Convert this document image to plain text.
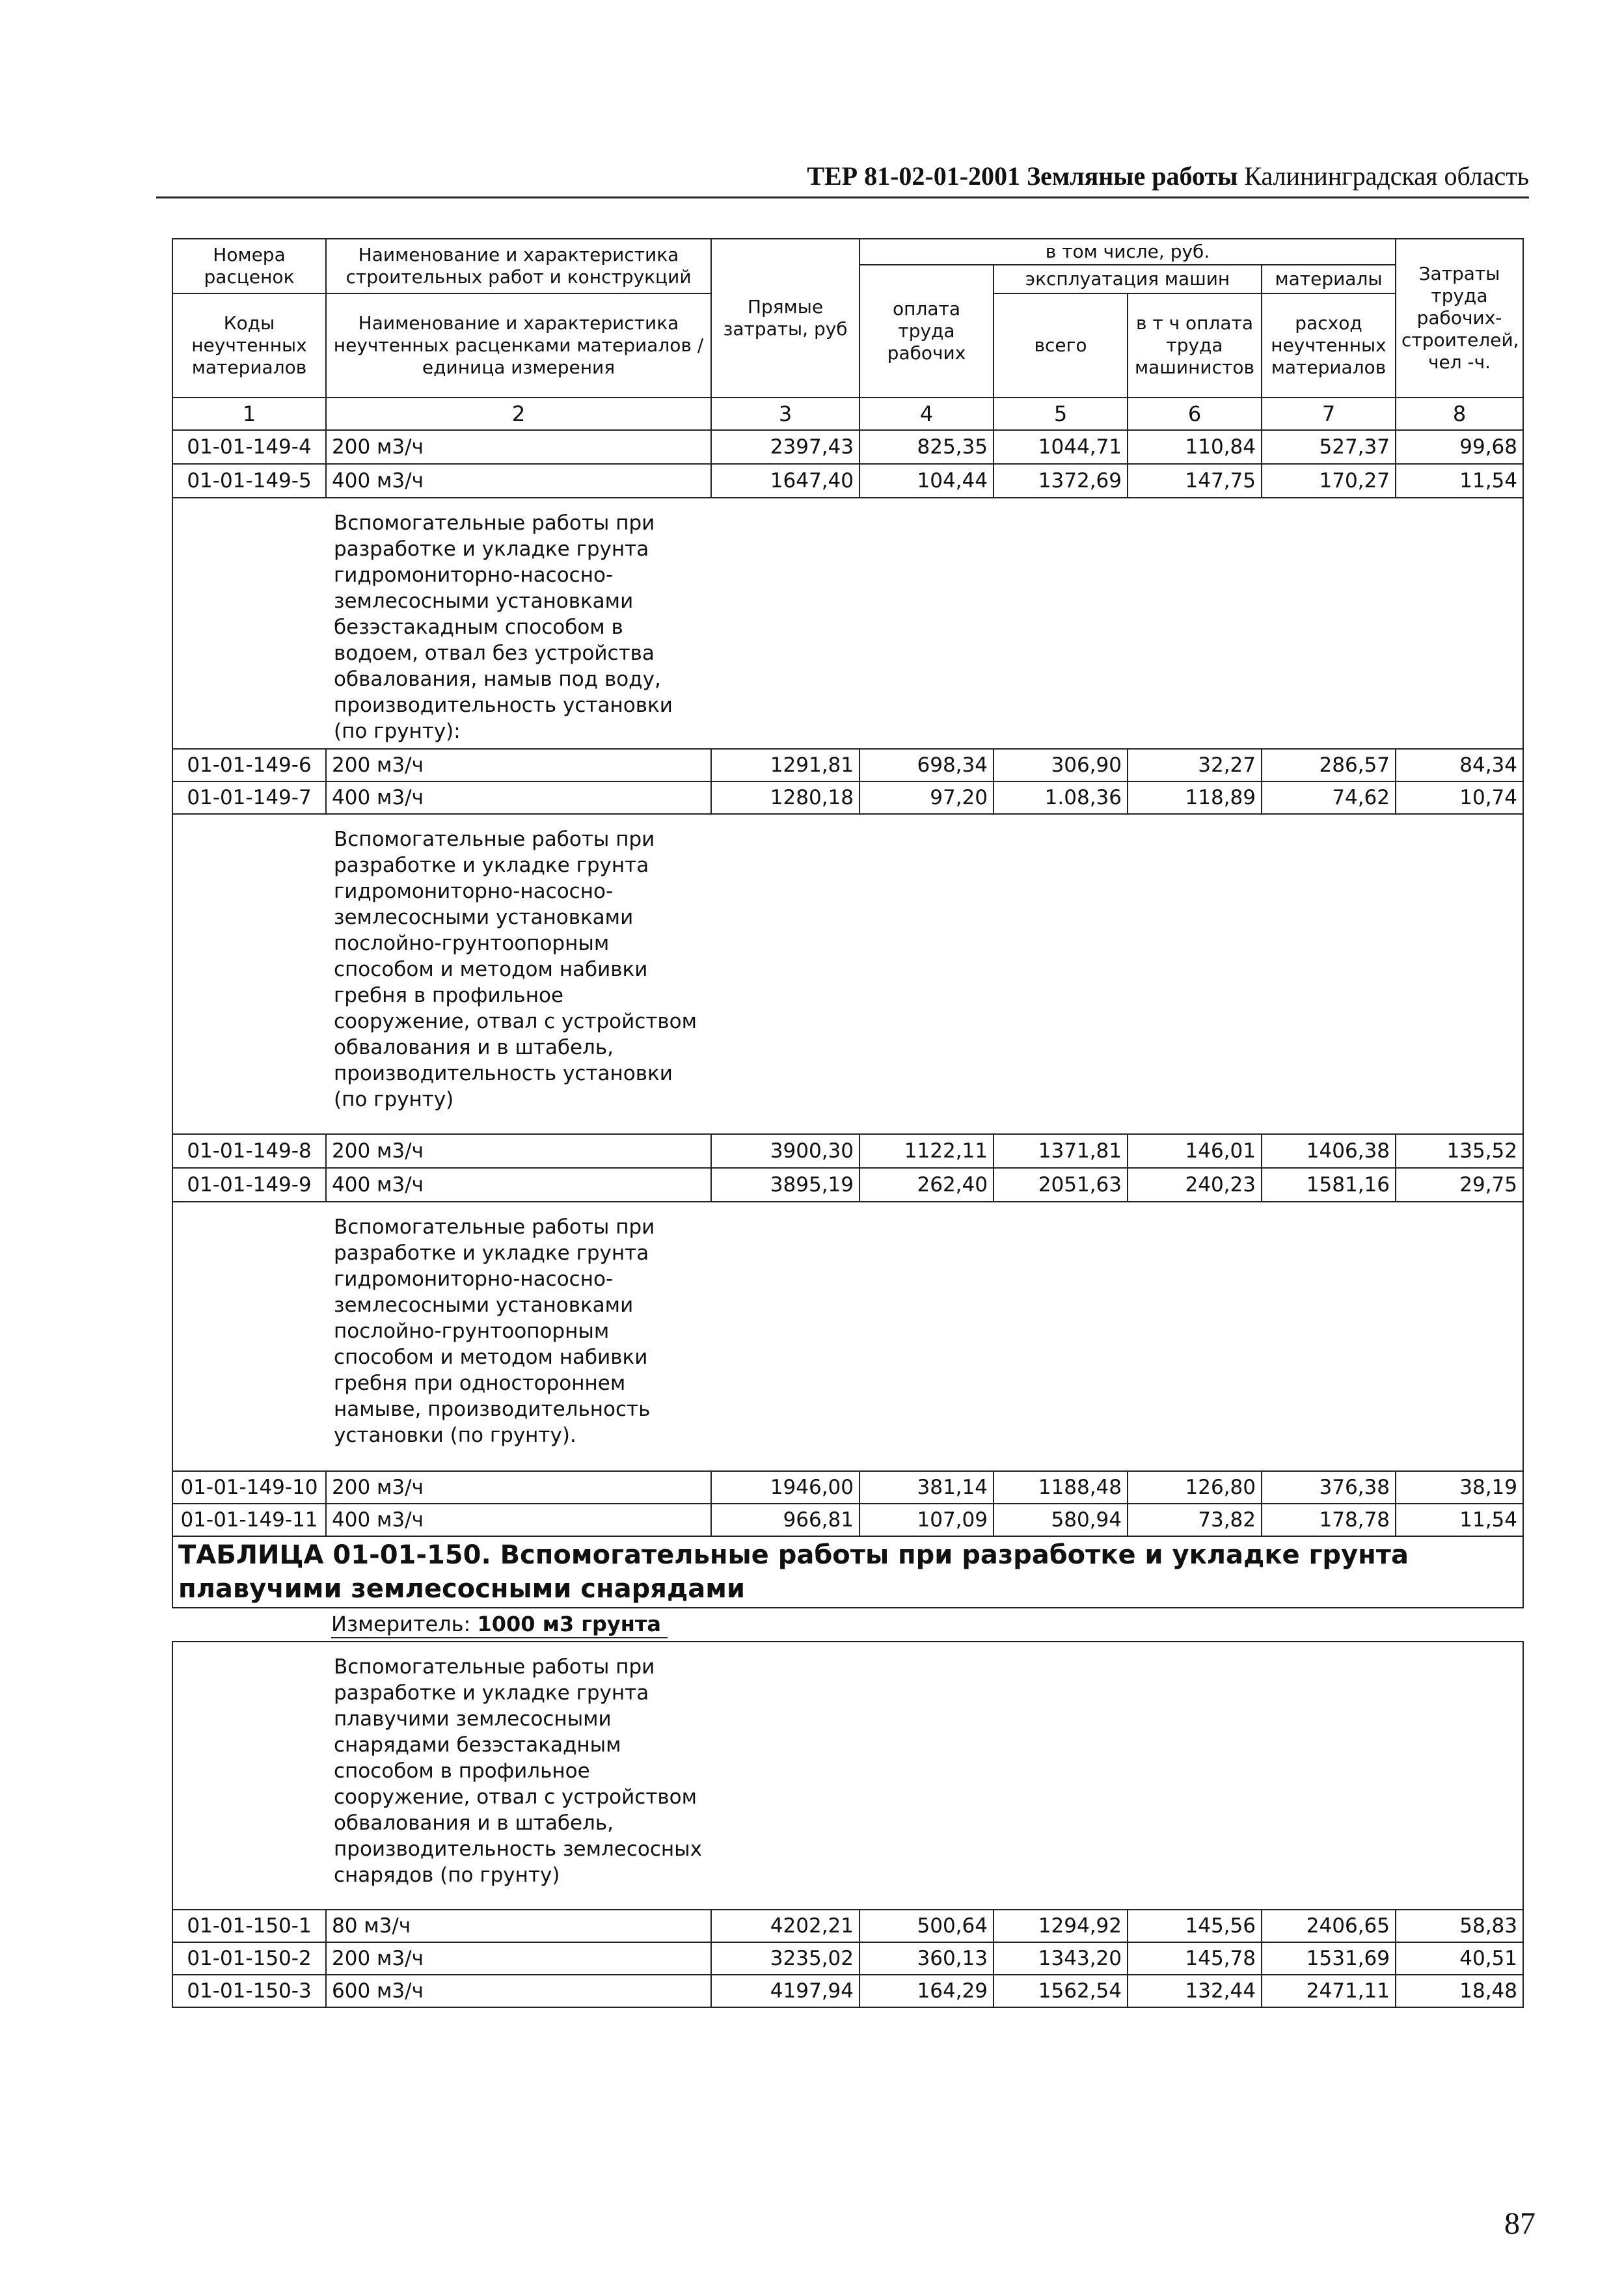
ТЕР 81-02-01-2001 Земляные работы Калининградская область
Номера расценок	Наименование и характеристика строительных работ и конструкций	Прямые затраты, руб	в том числе, руб.				Затраты труда рабочих-строителей, чел -ч.
			оплата труда рабочих	эксплуатация машин		материалы	
Коды неучтенных материалов	Наименование и характеристика неучтенных расценками материалов / единица измерения			всего	в т ч оплата труда машинистов	расход неучтенных материалов	

1	2	3	4	5	6	7	8
01-01-149-4	200 м3/ч	2397,43	825,35	1044,71	110,84	527,37	99,68
01-01-149-5	400 м3/ч	1647,40	104,44	1372,69	147,75	170,27	11,54
	Вспомогательные работы при разработке и укладке грунта гидромониторно-насосно-землесосными установками безэстакадным способом в водоем, отвал без устройства обвалования, намыв под воду, производительность установки (по грунту):						
01-01-149-6	200 м3/ч	1291,81	698,34	306,90	32,27	286,57	84,34
01-01-149-7	400 м3/ч	1280,18	97,20	1.08,36	118,89	74,62	10,74
	Вспомогательные работы при разработке и укладке грунта гидромониторно-насосно-землесосными установками послойно-грунтоопорным способом и методом набивки гребня в профильное сооружение, отвал с устройством обвалования и в штабель, производительность установки (по грунту)						
01-01-149-8	200 м3/ч	3900,30	1122,11	1371,81	146,01	1406,38	135,52
01-01-149-9	400 м3/ч	3895,19	262,40	2051,63	240,23	1581,16	29,75
	Вспомогательные работы при разработке и укладке грунта гидромониторно-насосно-землесосными установками послойно-грунтоопорным способом и методом набивки гребня при одностороннем намыве, производительность установки (по грунту).						
01-01-149-10	200 м3/ч	1946,00	381,14	1188,48	126,80	376,38	38,19
01-01-149-11	400 м3/ч	966,81	107,09	580,94	73,82	178,78	11,54
ТАБЛИЦА 01-01-150. Вспомогательные работы при разработке и укладке грунта плавучими землесосными снарядами							
	Измеритель: 1000 м3 грунта						
	Вспомогательные работы при разработке и укладке грунта плавучими землесосными снарядами безэстакадным способом в профильное сооружение, отвал с устройством обвалования и в штабель, производительность землесосных снарядов (по грунту)						
01-01-150-1	80 м3/ч	4202,21	500,64	1294,92	145,56	2406,65	58,83
01-01-150-2	200 м3/ч	3235,02	360,13	1343,20	145,78	1531,69	40,51
01-01-150-3	600 м3/ч	4197,94	164,29	1562,54	132,44	2471,11	18,48
87
